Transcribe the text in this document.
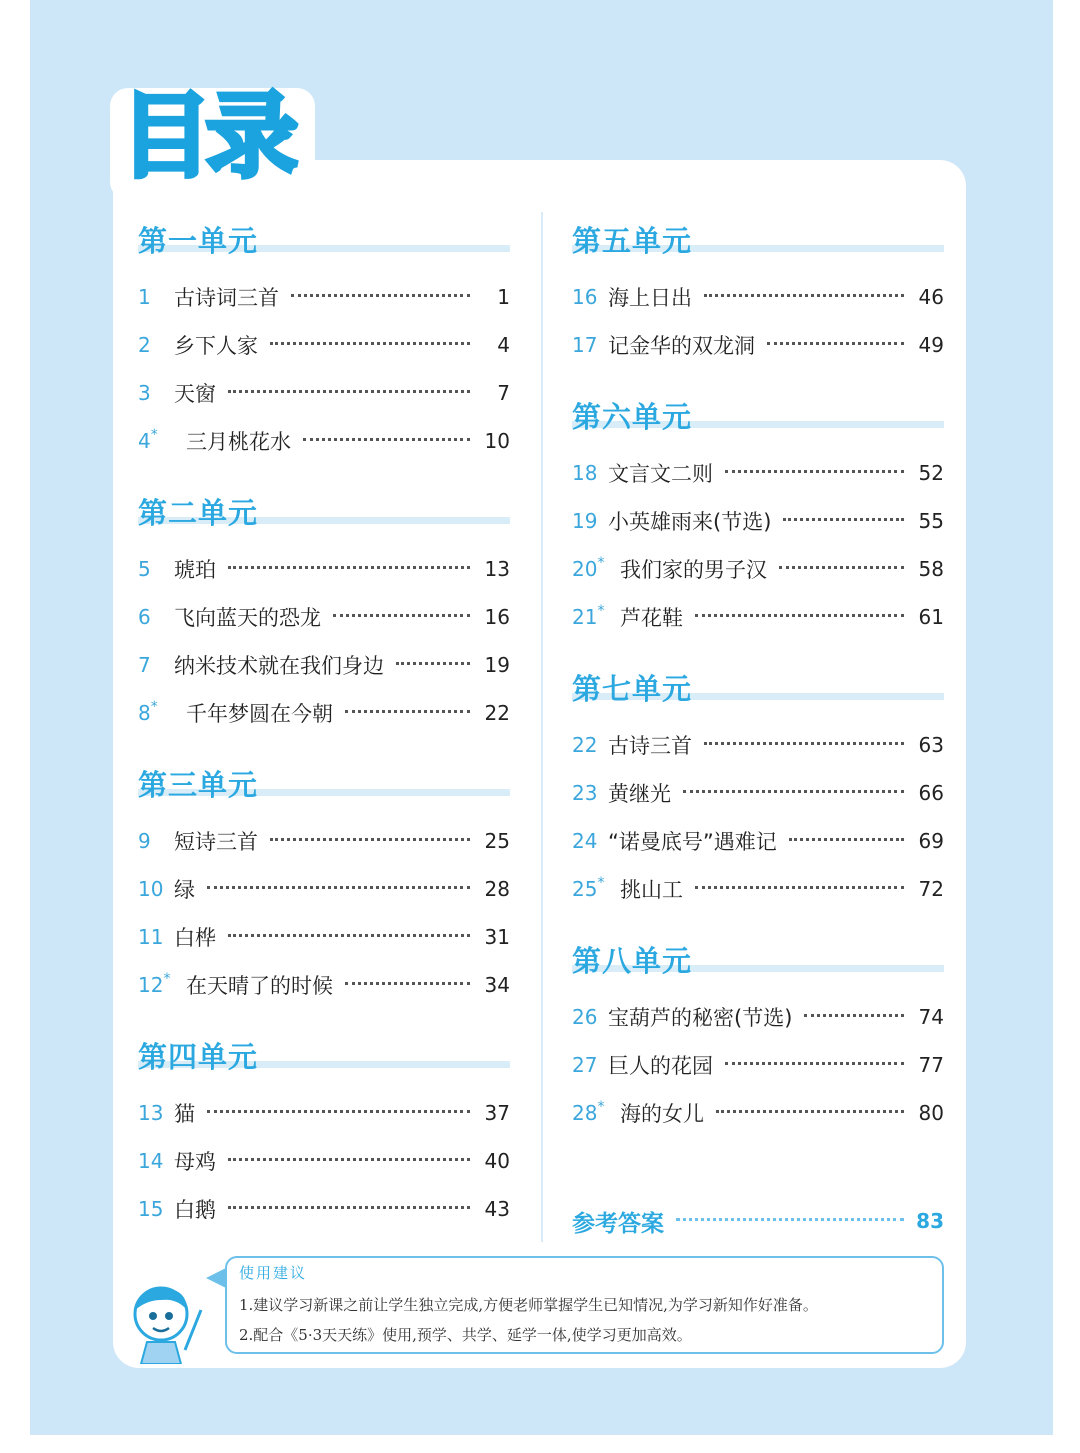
目录
第一单元
1	古诗词三首	1
2	乡下人家	4
3	天窗	7
4*	三月桃花水	10
第二单元
5	琥珀	13
6	飞向蓝天的恐龙	16
7	纳米技术就在我们身边	19
8*	千年梦圆在今朝	22
第三单元
9	短诗三首	25
10 绿	28
11 白桦	31
12* 在天晴了的时候	34
第四单元
13 猫	37
14 母鸡	40
15 白鹅	43
第五单元
16 海上日出	46
17 记金华的双龙洞	49
第六单元
18 文言文二则	52
19 小英雄雨来(节选)	55
20* 我们家的男子汉	58
21* 芦花鞋	61
第七单元
22 古诗三首	63
23 黄继光	66
24 “诺曼底号”遇难记	69
25* 挑山工	72
第八单元
26 宝葫芦的秘密(节选)	74
27 巨人的花园	77
28* 海的女儿	80
参考答案	83
使用建议
1.建议学习新课之前让学生独立完成,方便老师掌握学生已知情况,为学习新知作好准备。
2.配合《5·3天天练》使用,预学、共学、延学一体,使学习更加高效。
